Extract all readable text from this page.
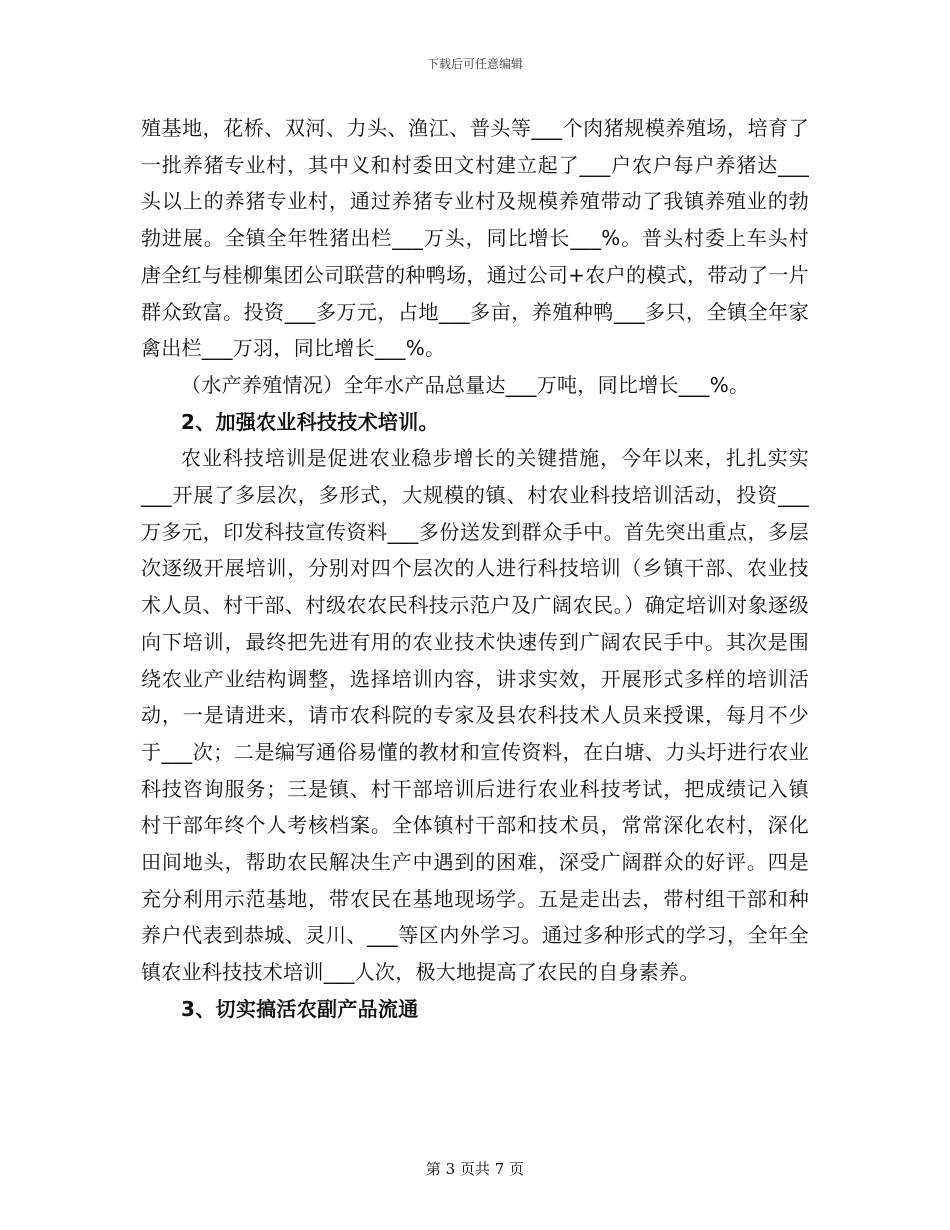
下载后可任意编辑

殖基地，花桥、双河、力头、渔江、普头等___个肉猪规模养殖场，培育了一批养猪专业村，其中义和村委田文村建立起了___户农户每户养猪达___头以上的养猪专业村，通过养猪专业村及规模养殖带动了我镇养殖业的勃勃进展。全镇全年牲猪出栏___万头，同比增长___%。普头村委上车头村唐全红与桂柳集团公司联营的种鸭场，通过公司+农户的模式，带动了一片群众致富。投资___多万元，占地___多亩，养殖种鸭___多只，全镇全年家禽出栏___万羽，同比增长___%。

（水产养殖情况）全年水产品总量达___万吨，同比增长___%。

2、加强农业科技技术培训。

农业科技培训是促进农业稳步增长的关键措施，今年以来，扎扎实实___开展了多层次，多形式，大规模的镇、村农业科技培训活动，投资___万多元，印发科技宣传资料___多份送发到群众手中。首先突出重点，多层次逐级开展培训，分别对四个层次的人进行科技培训（乡镇干部、农业技术人员、村干部、村级农农民科技示范户及广阔农民。）确定培训对象逐级向下培训，最终把先进有用的农业技术快速传到广阔农民手中。其次是围绕农业产业结构调整，选择培训内容，讲求实效，开展形式多样的培训活动，一是请进来，请市农科院的专家及县农科技术人员来授课，每月不少于___次；二是编写通俗易懂的教材和宣传资料，在白塘、力头圩进行农业科技咨询服务；三是镇、村干部培训后进行农业科技考试，把成绩记入镇村干部年终个人考核档案。全体镇村干部和技术员，常常深化农村，深化田间地头，帮助农民解决生产中遇到的困难，深受广阔群众的好评。四是充分利用示范基地，带农民在基地现场学。五是走出去，带村组干部和种养户代表到恭城、灵川、___等区内外学习。通过多种形式的学习，全年全镇农业科技技术培训___人次，极大地提高了农民的自身素养。

3、切实搞活农副产品流通

第 3 页共 7 页
